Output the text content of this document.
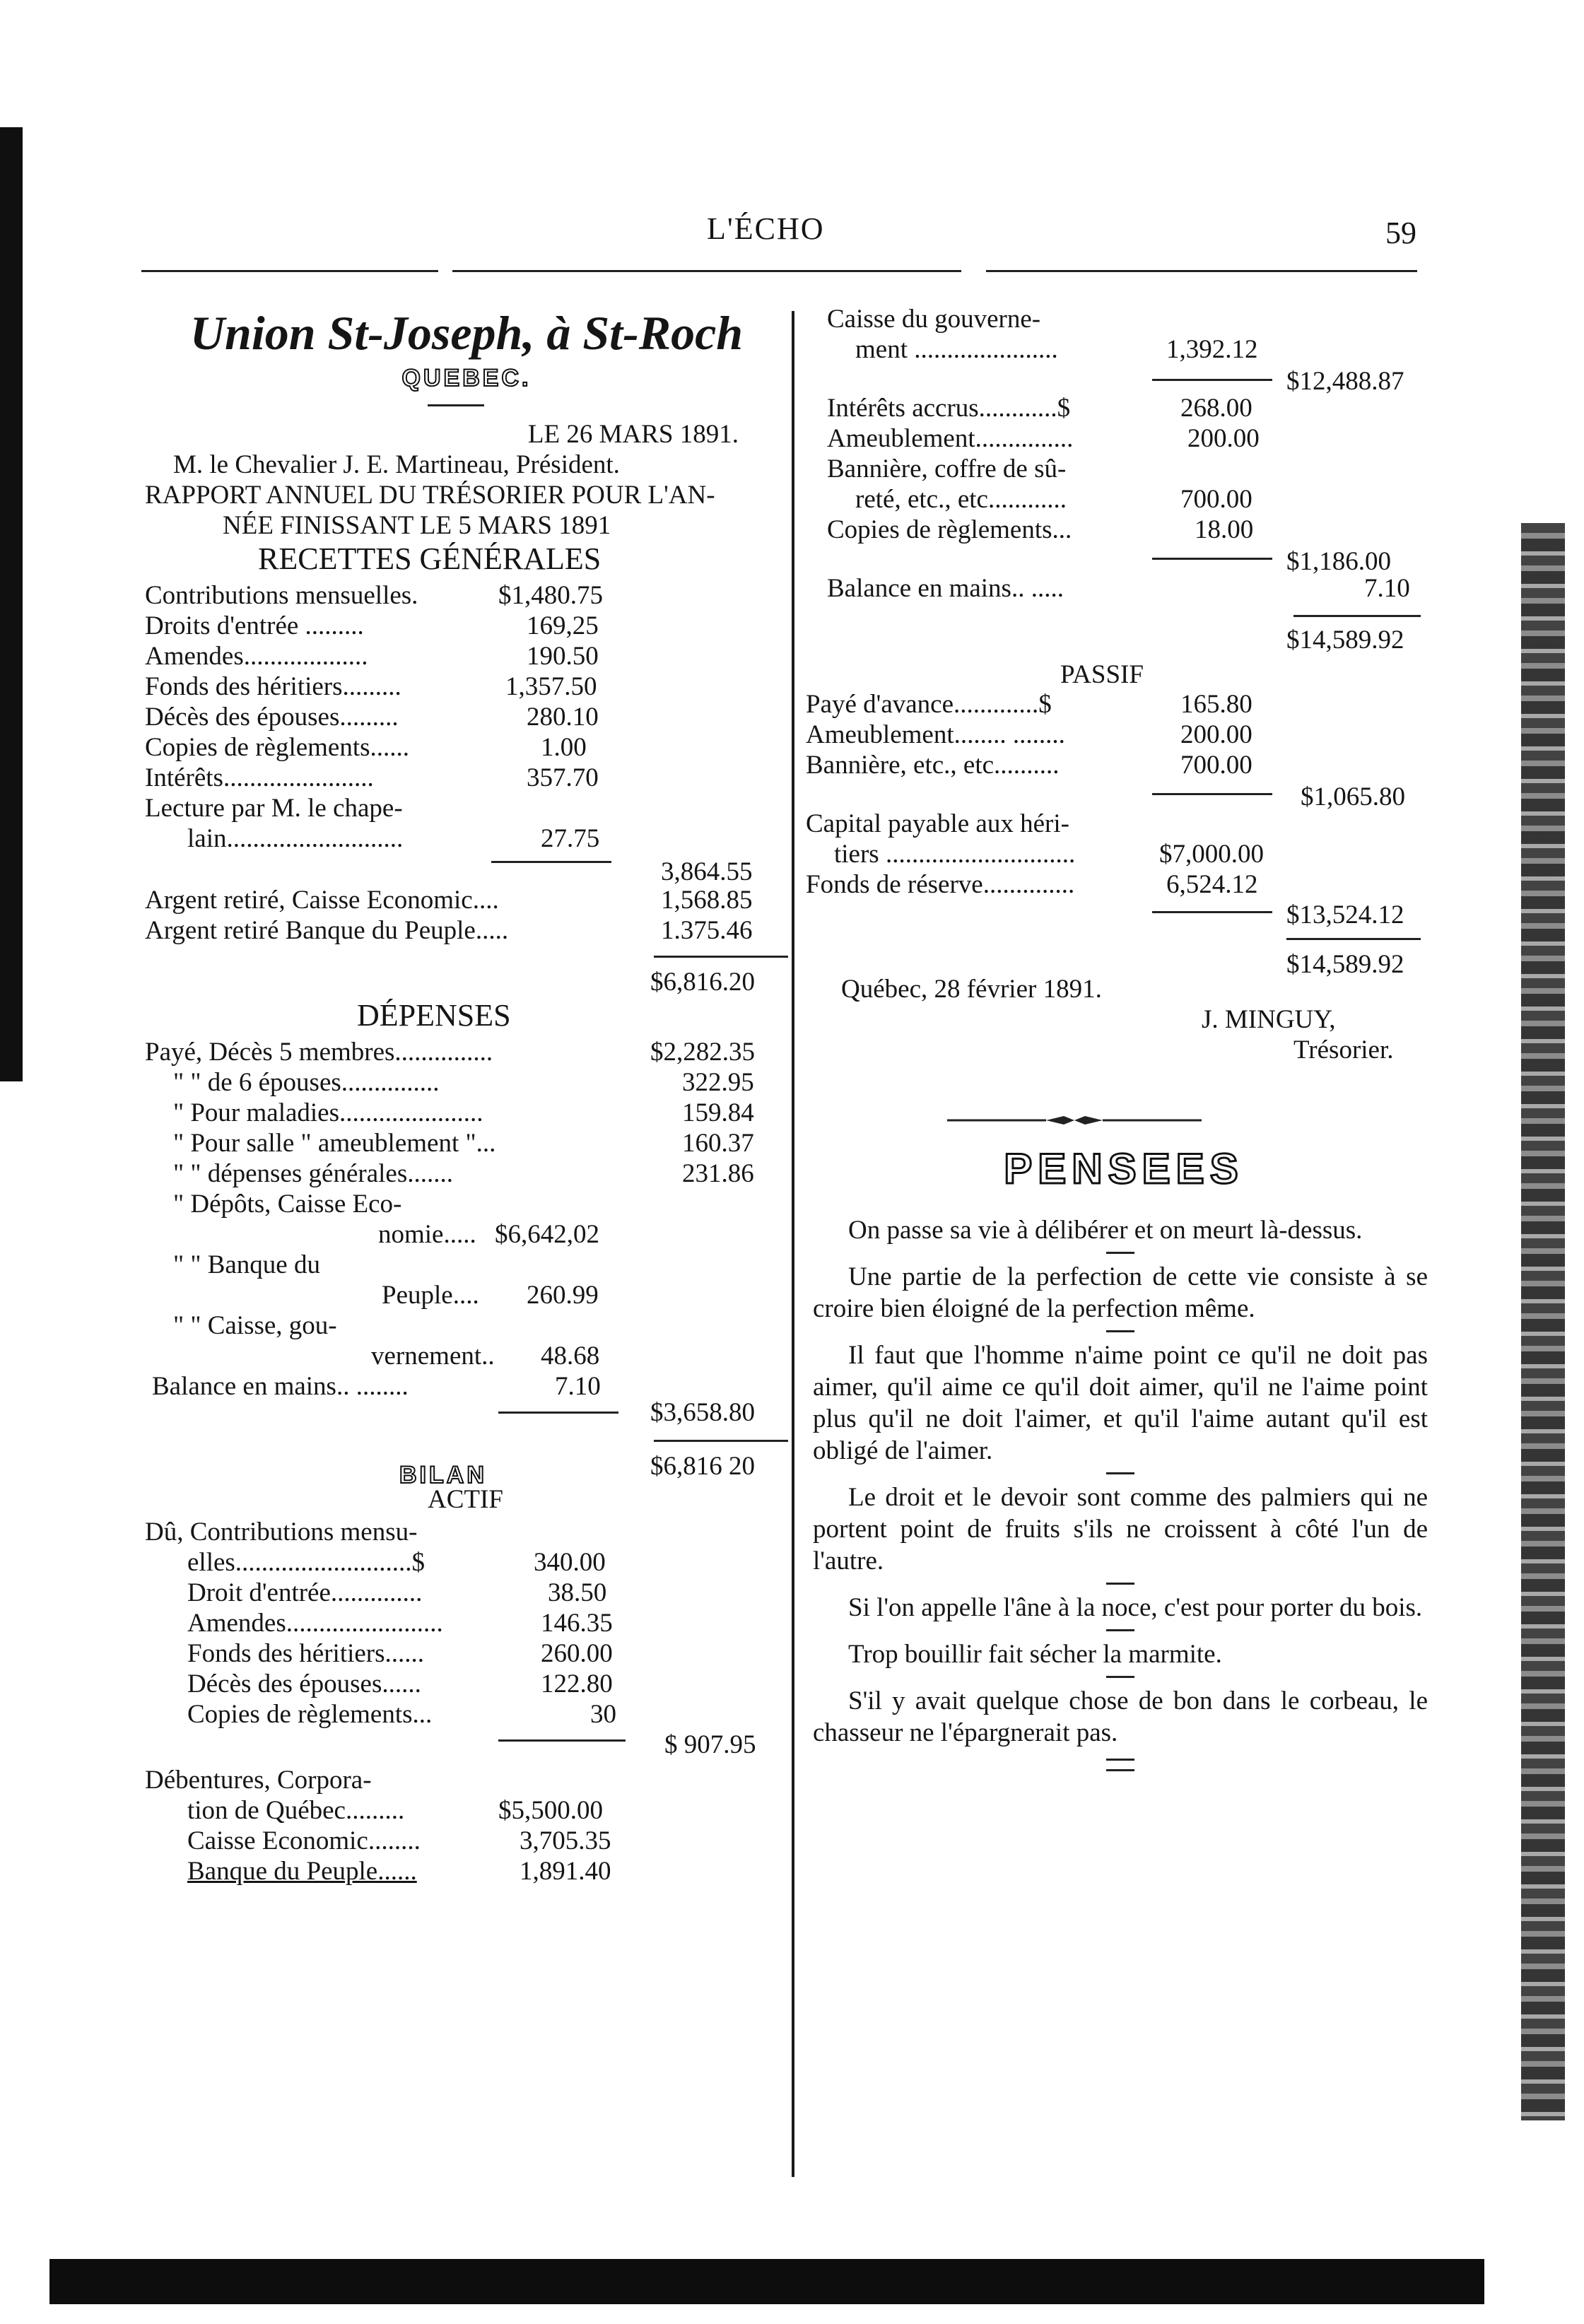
L'ÉCHO	59
Union St-Joseph, à St-Roch
QUEBEC.
LE 26 MARS 1891.
M. le Chevalier J. E. Martineau, Président.
RAPPORT ANNUEL DU TRÉSORIER POUR L'AN-
NÉE FINISSANT LE 5 MARS 1891
RECETTES GÉNÉRALES
Contributions mensuelles.	$1,480.75
Droits d'entrée .........	169,25
Amendes...................	190.50
Fonds des héritiers.........	1,357.50
Décès des épouses.........	280.10
Copies de règlements......	1.00
Intérêts.......................	357.70
Lecture par M. le chape-
lain...........................	27.75
3,864.55
Argent retiré, Caisse Economic....	1,568.85
Argent retiré Banque du Peuple.....	1.375.46
$6,816.20
DÉPENSES
Payé, Décès 5 membres...............	$2,282.35
" " de 6 épouses...............	322.95
" Pour maladies......................	159.84
" Pour salle " ameublement "...	160.37
" " dépenses générales.......	231.86
" Dépôts, Caisse Eco-
nomie..... $6,642,02
" " Banque du
Peuple.... 260.99
" " Caisse, gou-
vernement.. 48.68
Balance en mains.. ........	7.10
$3,658.80
$6,816 20
BILAN
ACTIF
Dû, Contributions mensu-
elles...........................$	340.00
Droit d'entrée..............	38.50
Amendes........................	146.35
Fonds des héritiers......	260.00
Décès des épouses......	122.80
Copies de règlements...	30
$ 907.95
Débentures, Corpora-
tion de Québec.........	$5,500.00
Caisse Economic........	3,705.35
Banque du Peuple......	1,891.40
Caisse du gouverne-
ment ......................	1,392.12
$12,488.87
Intérêts accrus............$	268.00
Ameublement...............	200.00
Bannière, coffre de sû-
reté, etc., etc............	700.00
Copies de règlements...	18.00
$1,186.00
Balance en mains.. .....	7.10
$14,589.92
PASSIF
Payé d'avance.............$	165.80
Ameublement........ ........	200.00
Bannière, etc., etc..........	700.00
$1,065.80
Capital payable aux héri-
tiers .............................	$7,000.00
Fonds de réserve..............	6,524.12
$13,524.12
$14,589.92
Québec, 28 février 1891.
J. MINGUY,
Trésorier.
PENSEES
On passe sa vie à délibérer et on meurt là-dessus.
Une partie de la perfection de cette vie consiste à se croire bien éloigné de la perfection même.
Il faut que l'homme n'aime point ce qu'il ne doit pas aimer, qu'il aime ce qu'il doit aimer, qu'il ne l'aime point plus qu'il ne doit l'aimer, et qu'il l'aime autant qu'il est obligé de l'aimer.
Le droit et le devoir sont comme des palmiers qui ne portent point de fruits s'ils ne croissent à côté l'un de l'autre.
Si l'on appelle l'âne à la noce, c'est pour porter du bois.
Trop bouillir fait sécher la marmite.
S'il y avait quelque chose de bon dans le corbeau, le chasseur ne l'épargnerait pas.
